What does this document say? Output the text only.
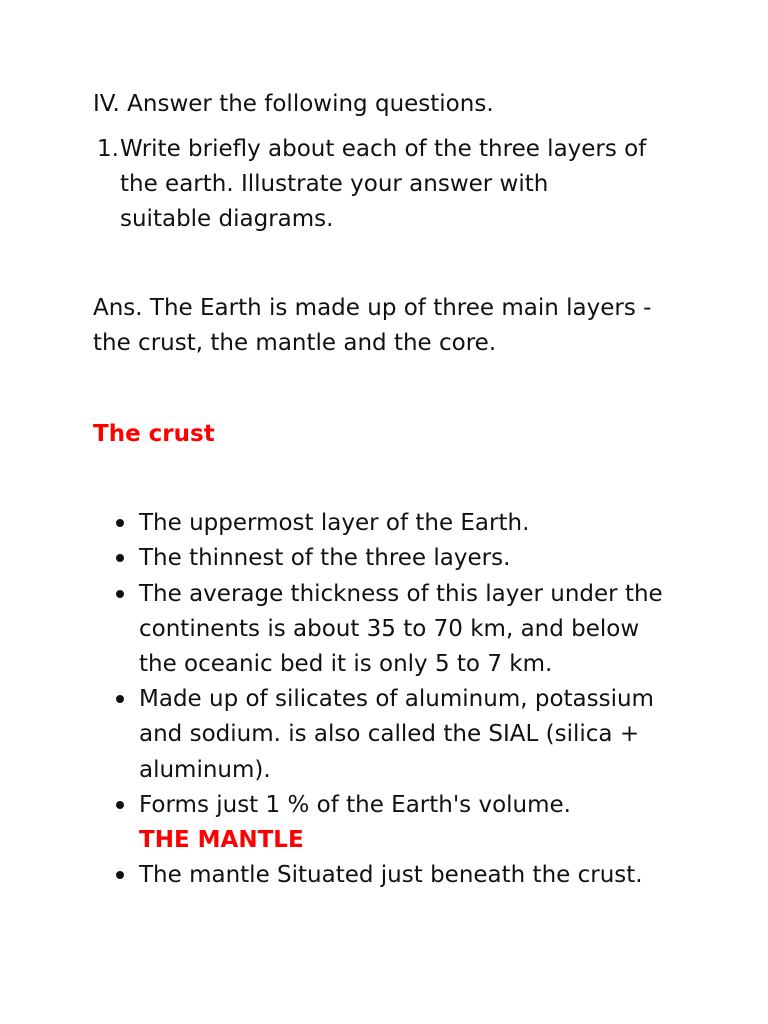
IV. Answer the following questions.

1. Write briefly about each of the three layers of

the earth. Illustrate your answer with

suitable diagrams.

Ans. The Earth is made up of three main layers -

the crust, the mantle and the core.

The crust

The uppermost layer of the Earth.

The thinnest of the three layers.

The average thickness of this layer under the

continents is about 35 to 70 km, and below

the oceanic bed it is only 5 to 7 km.

Made up of silicates of aluminum, potassium

and sodium. is also called the SIAL (silica +

aluminum).

Forms just 1 % of the Earth's volume.

THE MANTLE

The mantle Situated just beneath the crust.
